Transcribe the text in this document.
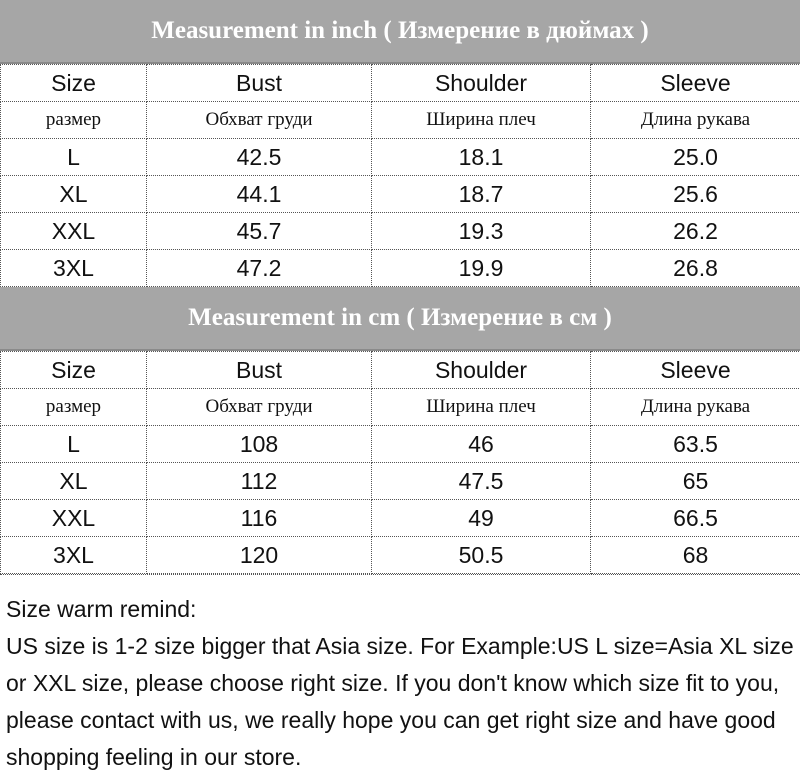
Measurement in inch ( Измерение в дюймах )
Size	Bust	Shoulder	Sleeve
размер	Обхват груди	Ширина плеч	Длина рукава
L	42.5	18.1	25.0
XL	44.1	18.7	25.6
XXL	45.7	19.3	26.2
3XL	47.2	19.9	26.8
Measurement in cm ( Измерение в см )
Size	Bust	Shoulder	Sleeve
размер	Обхват груди	Ширина плеч	Длина рукава
L	108	46	63.5
XL	112	47.5	65
XXL	116	49	66.5
3XL	120	50.5	68

Size warm remind:

US size is 1-2 size bigger that Asia size. For Example:US L size=Asia XL size or XXL size, please choose right size. If you don't know which size fit to you, please contact with us, we really hope you can get right size and have good shopping feeling in our store.
